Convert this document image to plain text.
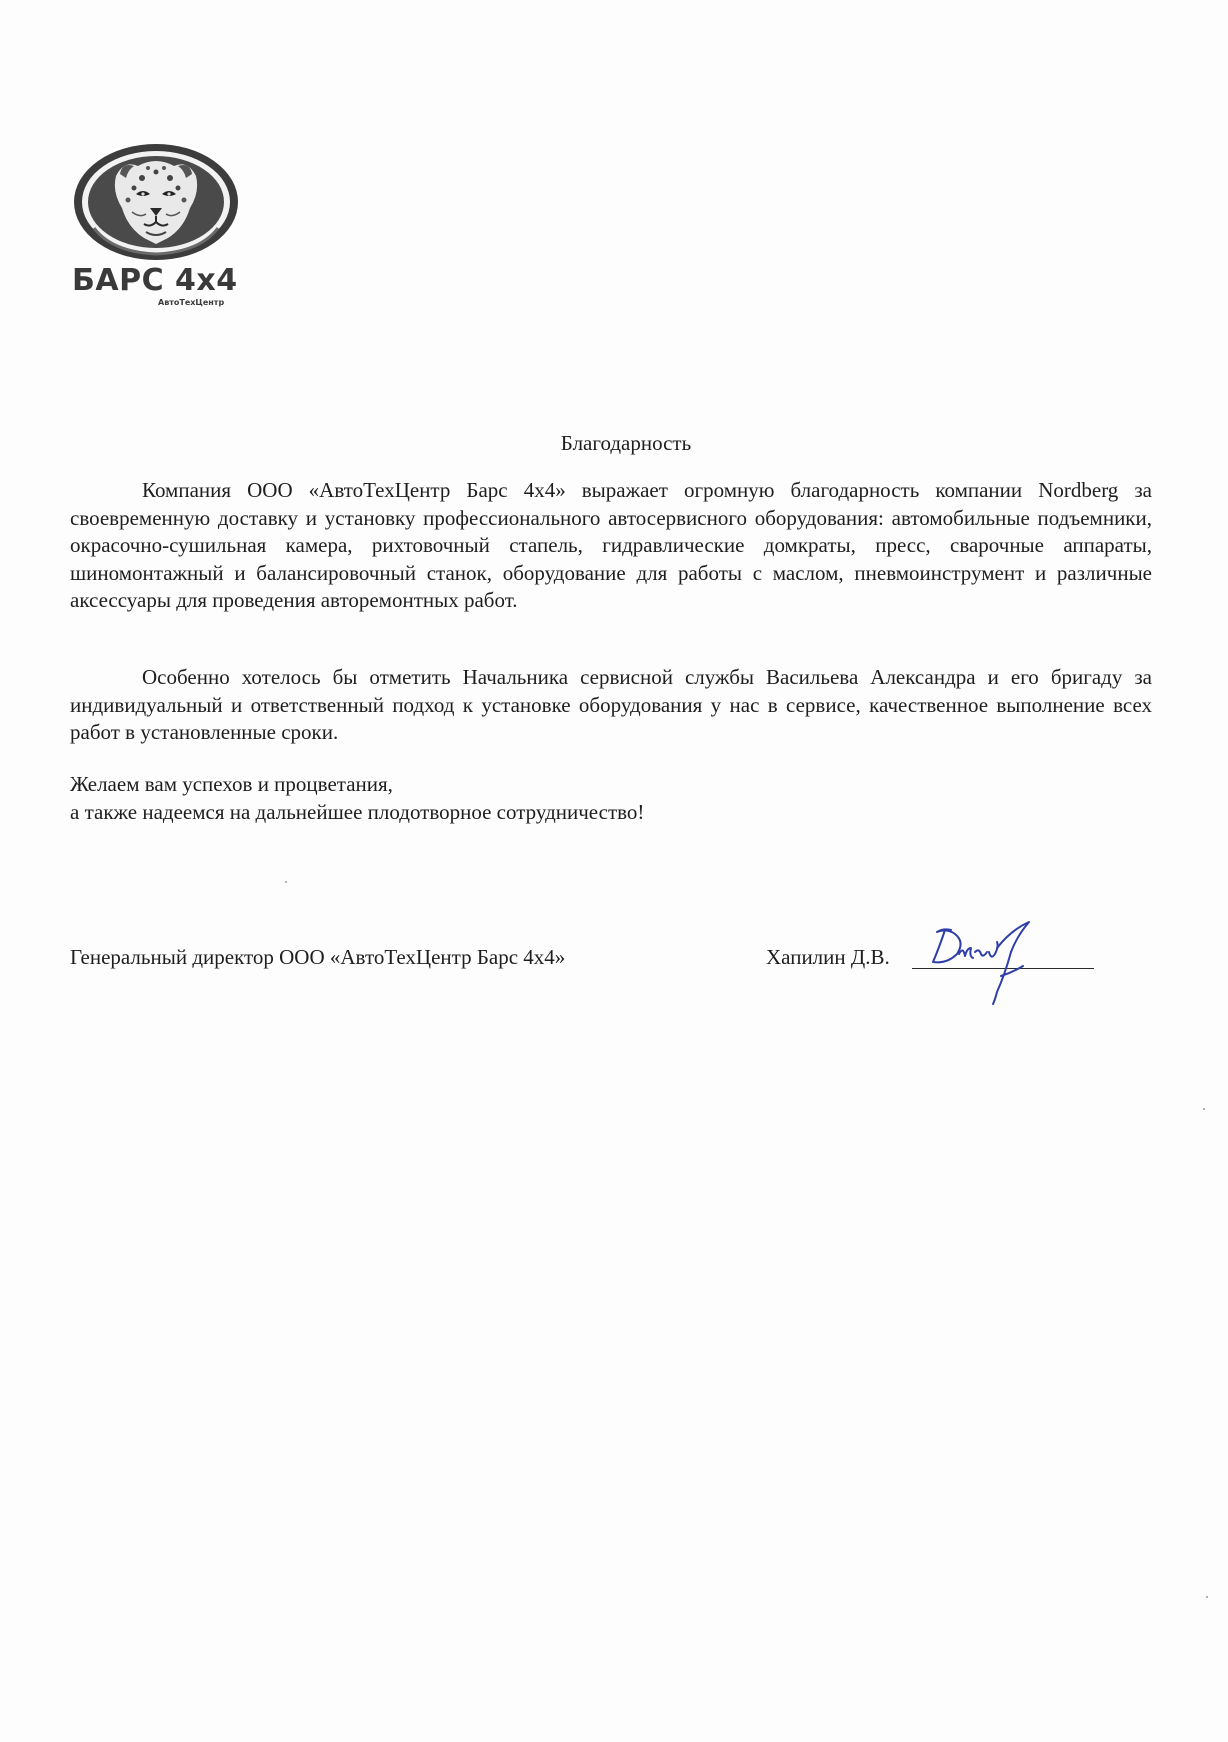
БАРС 4x4
АвтоТехЦентр
Благодарность
Компания ООО «АвтоТехЦентр Барс 4x4» выражает огромную благодарность компании Nordberg за своевременную доставку и установку профессионального автосервисного оборудования: автомобильные подъемники, окрасочно-сушильная камера, рихтовочный стапель, гидравлические домкраты, пресс, сварочные аппараты, шиномонтажный и балансировочный станок, оборудование для работы с маслом, пневмоинструмент и различные аксессуары для проведения авторемонтных работ.
Особенно хотелось бы отметить Начальника сервисной службы Васильева Александра и его бригаду за индивидуальный и ответственный подход к установке оборудования у нас в сервисе, качественное выполнение всех работ в установленные сроки.
Желаем вам успехов и процветания,
а также надеемся на дальнейшее плодотворное сотрудничество!
Генеральный директор ООО «АвтоТехЦентр Барс 4x4»	Хапилин Д.В.
